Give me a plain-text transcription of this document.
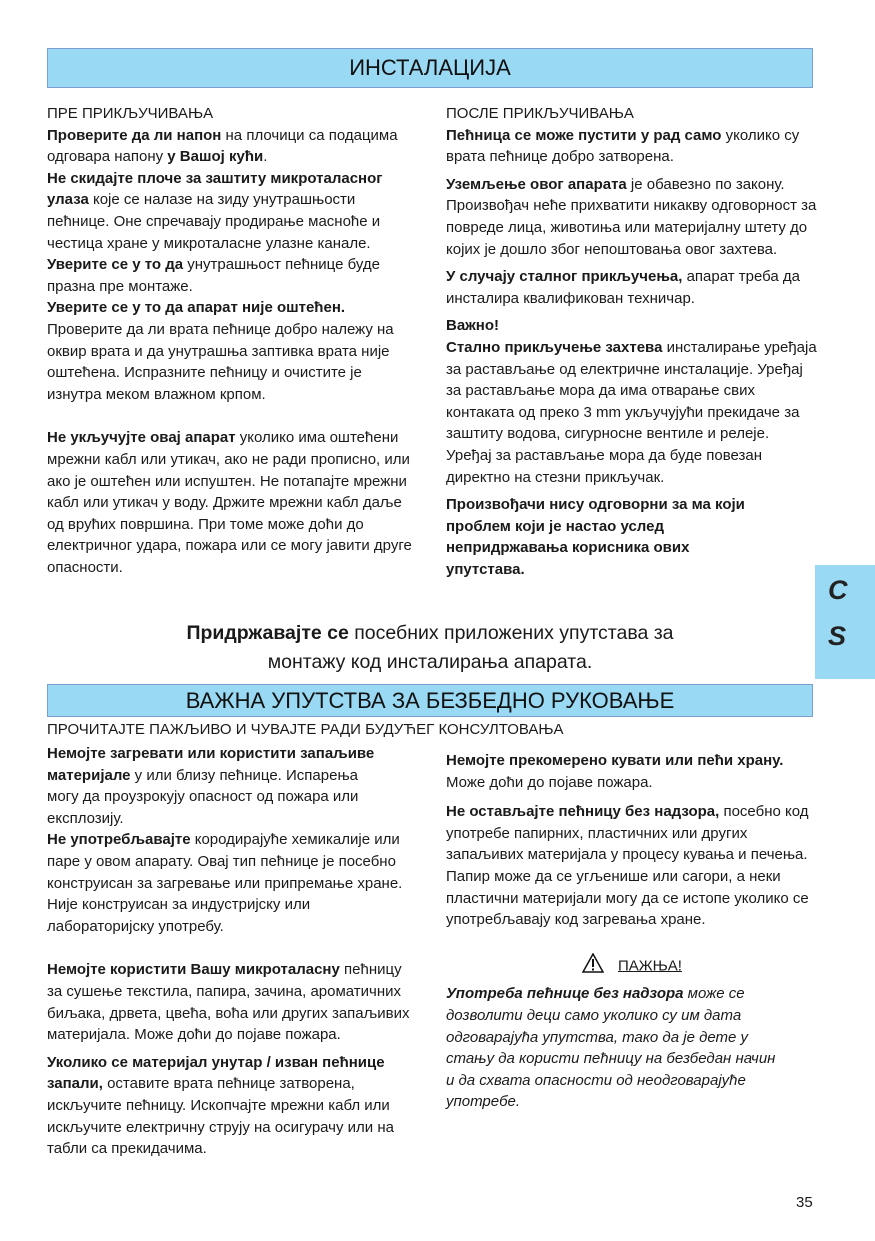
ИНСТАЛАЦИЈА

ПРЕ ПРИКЉУЧИВАЊА

Проверите да ли напон на плочици са подацима одговара напону у Вашој кући.

Не скидајте плоче за заштиту микроталасног улаза које се налазе на зиду унутрашњости пећнице. Оне спречавају продирање масноће и честица хране у микроталасне улазне канале.

Уверите се у то да унутрашњост пећнице буде празна пре монтаже.

Уверите се у то да апарат није оштећен. Проверите да ли врата пећнице добро належу на оквир врата и да унутрашња заптивка врата није оштећена. Испразните пећницу и очистите је изнутра меком влажном крпом.

Не укључујте овај апарат уколико има оштећени мрежни кабл или утикач, ако не ради прописно, или ако је оштећен или испуштен. Не потапајте мрежни кабл или утикач у воду. Држите мрежни кабл даље од врућих површина. При томе може доћи до електричног удара, пожара или се могу јавити друге опасности.

ПОСЛЕ ПРИКЉУЧИВАЊА

Пећница се може пустити у рад само уколико су врата пећнице добро затворена.

Уземљење овог апарата је обавезно по закону. Произвођач неће прихватити никакву одговорност за повреде лица, животиња или материјалну штету до којих је дошло због непоштовања овог захтева.

У случају сталног прикључења, апарат треба да инсталира квалификован техничар.

Важно!
Стално прикључење захтева инсталирање уређаја за растављање од електричне инсталације. Уређај за растављање мора да има отварање свих контаката од преко 3 mm укључујући прекидаче за заштиту водова, сигурносне вентиле и релеје. Уређај за растављање мора да буде повезан директно на стезни прикључак.

Произвођачи нису одговорни за ма који проблем који је настао услед непридржавања корисника ових упутстава.

Придржавајте се посебних приложених упутстава за
монтажу код инсталирања апарата.
C
S
ВАЖНА УПУТСТВА ЗА БЕЗБЕДНО РУКОВАЊЕ
ПРОЧИТАЈТЕ ПАЖЉИВО И ЧУВАЈТЕ РАДИ БУДУЋЕГ КОНСУЛТОВАЊА

Немојте загревати или користити запаљиве материјале у или близу пећнице. Испарења могу да проузрокују опасност од пожара или експлозију.

Не употребљавајте кородирајуће хемикалије или паре у овом апарату. Овај тип пећнице је посебно конструисан за загревање или припремање хране. Није конструисан за индустријску или лабораторијску употребу.

Немојте користити Вашу микроталасну пећницу за сушење текстила, папира, зачина, ароматичних биљака, дрвета, цвећа, воћа или других запаљивих материјала. Може доћи до појаве пожара.

Уколико се материјал унутар / изван пећнице запали, оставите врата пећнице затворена, искључите пећницу. Ископчајте мрежни кабл или искључите електричну струју на осигурачу или на табли са прекидачима.

Немојте прекомерено кувати или пећи храну. Може доћи до појаве пожара.

Не остављајте пећницу без надзора, посебно код употребе папирних, пластичних или других запаљивих материјала у процесу кувања и печења. Папир може да се угљенише или сагори, а неки пластични материјали могу да се истопе уколико се употребљавају код загревања хране.

ПАЖЊА!

Употреба пећнице без надзора може се дозволити деци само уколико су им дата одговарајућа упутства, тако да је дете у стању да користи пећницу на безбедан начин и да схвата опасности од неодговарајуће употребе.

35
